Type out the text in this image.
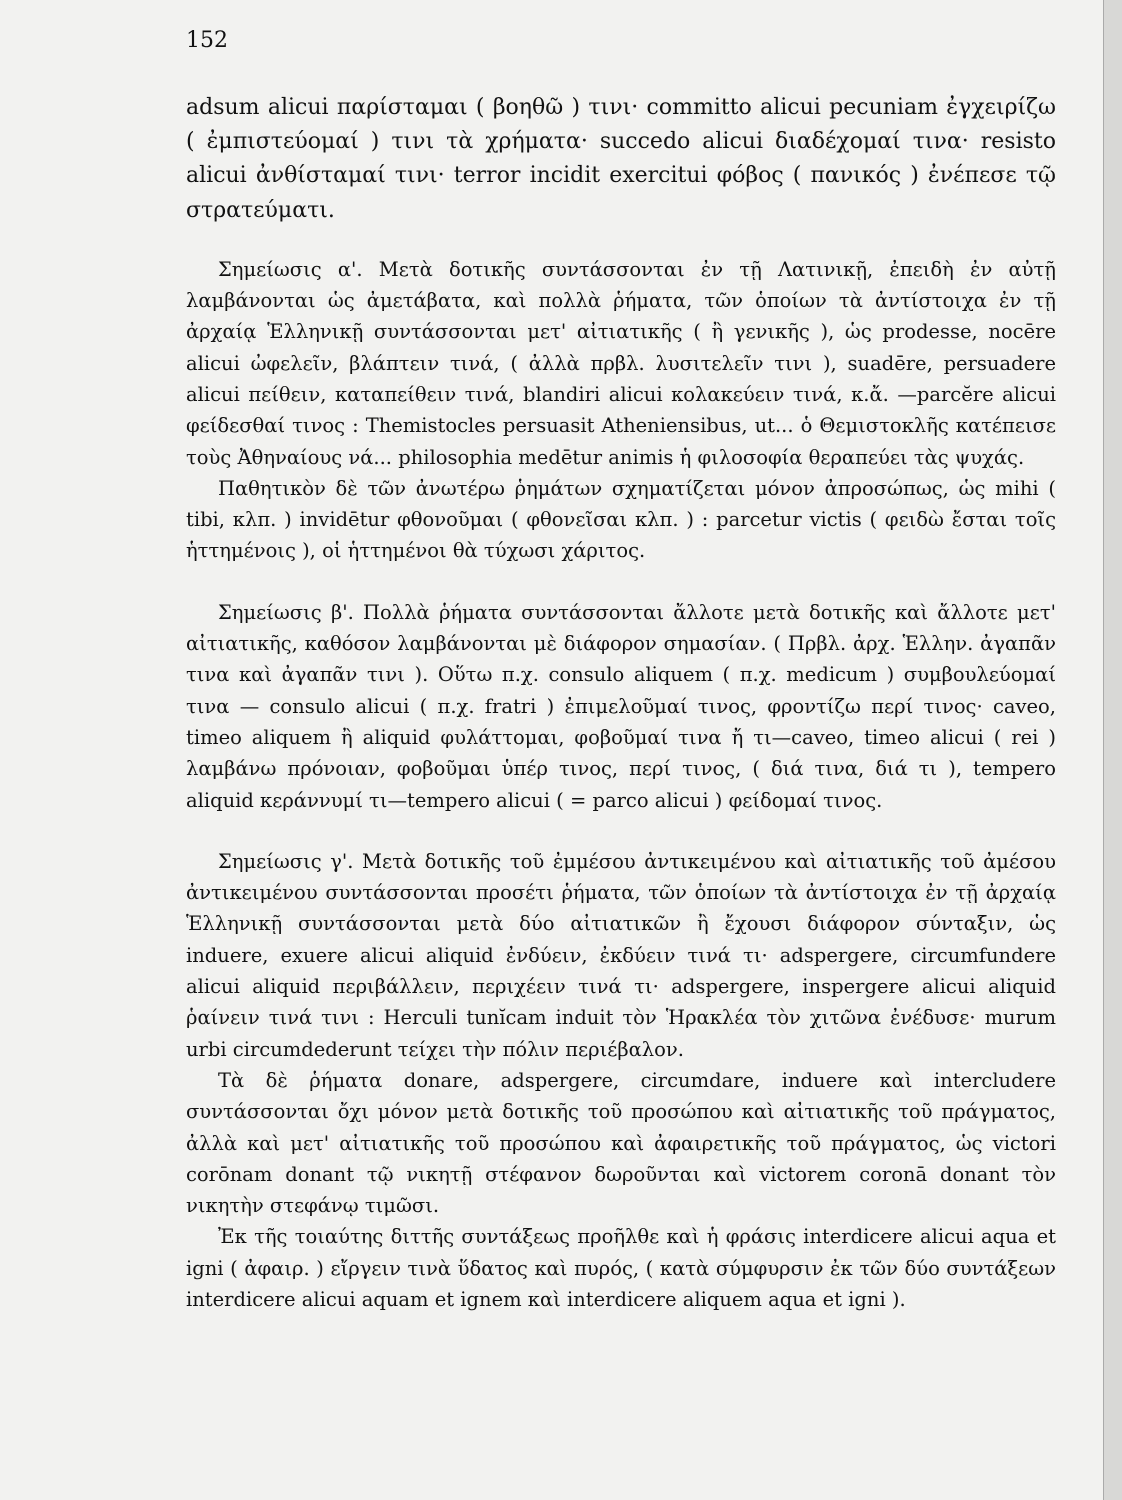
152

adsum alicui παρίσταμαι ( βοηθῶ ) τινι· committo alicui pecuniam ἐγχειρίζω ( ἐμπιστεύομαί ) τινι τὰ χρήματα· succedo alicui διαδέχομαί τινα· resisto alicui ἀνθίσταμαί τινι· terror incidit exercitui φόβος ( πανικός ) ἐνέπεσε τῷ στρατεύματι.

Σημείωσις α'. Μετὰ δοτικῆς συντάσσονται ἐν τῇ Λατινικῇ, ἐπειδὴ ἐν αὐτῇ λαμβάνονται ὡς ἀμετάβατα, καὶ πολλὰ ῥήματα, τῶν ὁποίων τὰ ἀντίστοιχα ἐν τῇ ἀρχαίᾳ Ἑλληνικῇ συντάσσονται μετ' αἰτιατικῆς ( ἢ γενικῆς ), ὡς prodesse, nocēre alicui ὠφελεῖν, βλάπτειν τινά, ( ἀλλὰ πρβλ. λυσιτελεῖν τινι ), suadēre, persuadere alicui πείθειν, καταπείθειν τινά, blandiri alicui κολακεύειν τινά, κ.ἄ. —parcĕre alicui φείδεσθαί τινος : Themistocles persuasit Atheniensibus, ut... ὁ Θεμιστοκλῆς κατέπεισε τοὺς Ἀθηναίους νά... philosophia medētur animis ἡ φιλοσοφία θεραπεύει τὰς ψυχάς.

Παθητικὸν δὲ τῶν ἀνωτέρω ῥημάτων σχηματίζεται μόνον ἀπροσώπως, ὡς mihi ( tibi, κλπ. ) invidētur φθονοῦμαι ( φθονεῖσαι κλπ. ) : parcetur victis ( φειδὼ ἔσται τοῖς ἡττημένοις ), οἱ ἡττημένοι θὰ τύχωσι χάριτος.

Σημείωσις β'. Πολλὰ ῥήματα συντάσσονται ἄλλοτε μετὰ δοτικῆς καὶ ἄλλοτε μετ' αἰτιατικῆς, καθόσον λαμβάνονται μὲ διάφορον σημασίαν. ( Πρβλ. ἀρχ. Ἑλλην. ἀγαπᾶν τινα καὶ ἀγαπᾶν τινι ). Οὕτω π.χ. consulo aliquem ( π.χ. medicum ) συμβουλεύομαί τινα — consulo alicui ( π.χ. fratri ) ἐπιμελοῦμαί τινος, φροντίζω περί τινος· caveo, timeo aliquem ἢ aliquid φυλάττομαι, φοβοῦμαί τινα ἤ τι—caveo, timeo alicui ( rei ) λαμβάνω πρόνοιαν, φοβοῦμαι ὑπέρ τινος, περί τινος, ( διά τινα, διά τι ), tempero aliquid κεράννυμί τι—tempero alicui ( = parco alicui ) φείδομαί τινος.

Σημείωσις γ'. Μετὰ δοτικῆς τοῦ ἐμμέσου ἀντικειμένου καὶ αἰτιατικῆς τοῦ ἀμέσου ἀντικειμένου συντάσσονται προσέτι ῥήματα, τῶν ὁποίων τὰ ἀντίστοιχα ἐν τῇ ἀρχαίᾳ Ἑλληνικῇ συντάσσονται μετὰ δύο αἰτιατικῶν ἢ ἔχουσι διάφορον σύνταξιν, ὡς induere, exuere alicui aliquid ἐνδύειν, ἐκδύειν τινά τι· adspergere, circumfundere alicui aliquid περιβάλλειν, περιχέειν τινά τι· adspergere, inspergere alicui aliquid ῥαίνειν τινά τινι : Herculi tunĭcam induit τὸν Ἡρακλέα τὸν χιτῶνα ἐνέδυσε· murum urbi circumdederunt τείχει τὴν πόλιν περιέβαλον.

Τὰ δὲ ῥήματα donare, adspergere, circumdare, induere καὶ intercludere συντάσσονται ὄχι μόνον μετὰ δοτικῆς τοῦ προσώπου καὶ αἰτιατικῆς τοῦ πράγματος, ἀλλὰ καὶ μετ' αἰτιατικῆς τοῦ προσώπου καὶ ἀφαιρετικῆς τοῦ πράγματος, ὡς victori corōnam donant τῷ νικητῇ στέφανον δωροῦνται καὶ victorem coronā donant τὸν νικητὴν στεφάνῳ τιμῶσι.

Ἐκ τῆς τοιαύτης διττῆς συντάξεως προῆλθε καὶ ἡ φράσις interdicere alicui aqua et igni ( ἀφαιρ. ) εἴργειν τινὰ ὕδατος καὶ πυρός, ( κατὰ σύμφυρσιν ἐκ τῶν δύο συντάξεων interdicere alicui aquam et ignem καὶ interdicere aliquem aqua et igni ).
